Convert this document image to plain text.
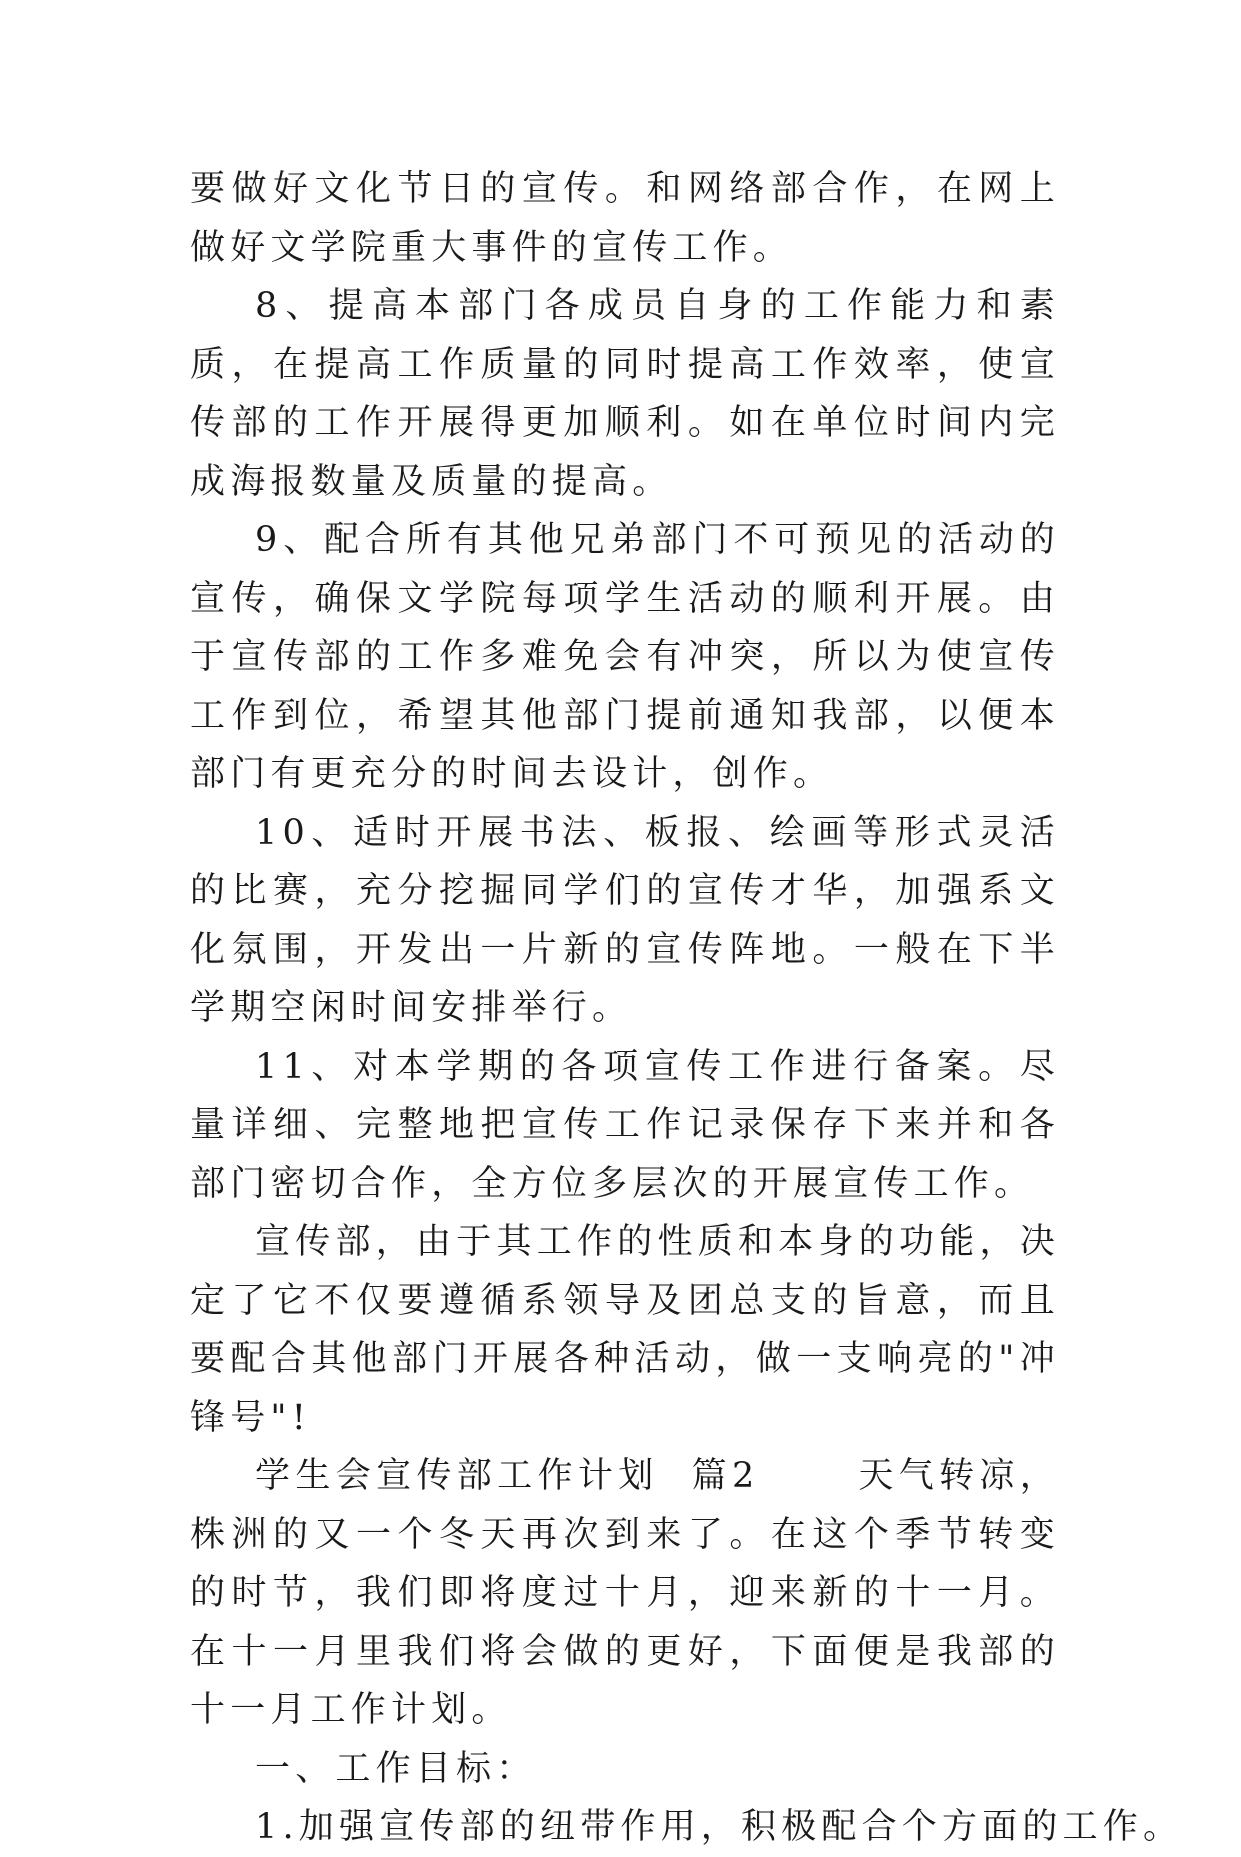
要做好文化节日的宣传。和网络部合作，在网上做好文学院重大事件的宣传工作。

8、提高本部门各成员自身的工作能力和素质，在提高工作质量的同时提高工作效率，使宣传部的工作开展得更加顺利。如在单位时间内完成海报数量及质量的提高。

9、配合所有其他兄弟部门不可预见的活动的宣传，确保文学院每项学生活动的顺利开展。由于宣传部的工作多难免会有冲突，所以为使宣传工作到位，希望其他部门提前通知我部，以便本部门有更充分的时间去设计，创作。

10、适时开展书法、板报、绘画等形式灵活的比赛，充分挖掘同学们的宣传才华，加强系文化氛围，开发出一片新的宣传阵地。一般在下半学期空闲时间安排举行。

11、对本学期的各项宣传工作进行备案。尽量详细、完整地把宣传工作记录保存下来并和各部门密切合作，全方位多层次的开展宣传工作。

宣传部，由于其工作的性质和本身的功能，决定了它不仅要遵循系领导及团总支的旨意，而且要配合其他部门开展各种活动，做一支响亮的"冲锋号"!

学生会宣传部工作计划  篇2      天气转凉，株洲的又一个冬天再次到来了。在这个季节转变的时节，我们即将度过十月，迎来新的十一月。在十一月里我们将会做的更好，下面便是我部的十一月工作计划。

一、工作目标：

1.加强宣传部的纽带作用，积极配合个方面的工作。
